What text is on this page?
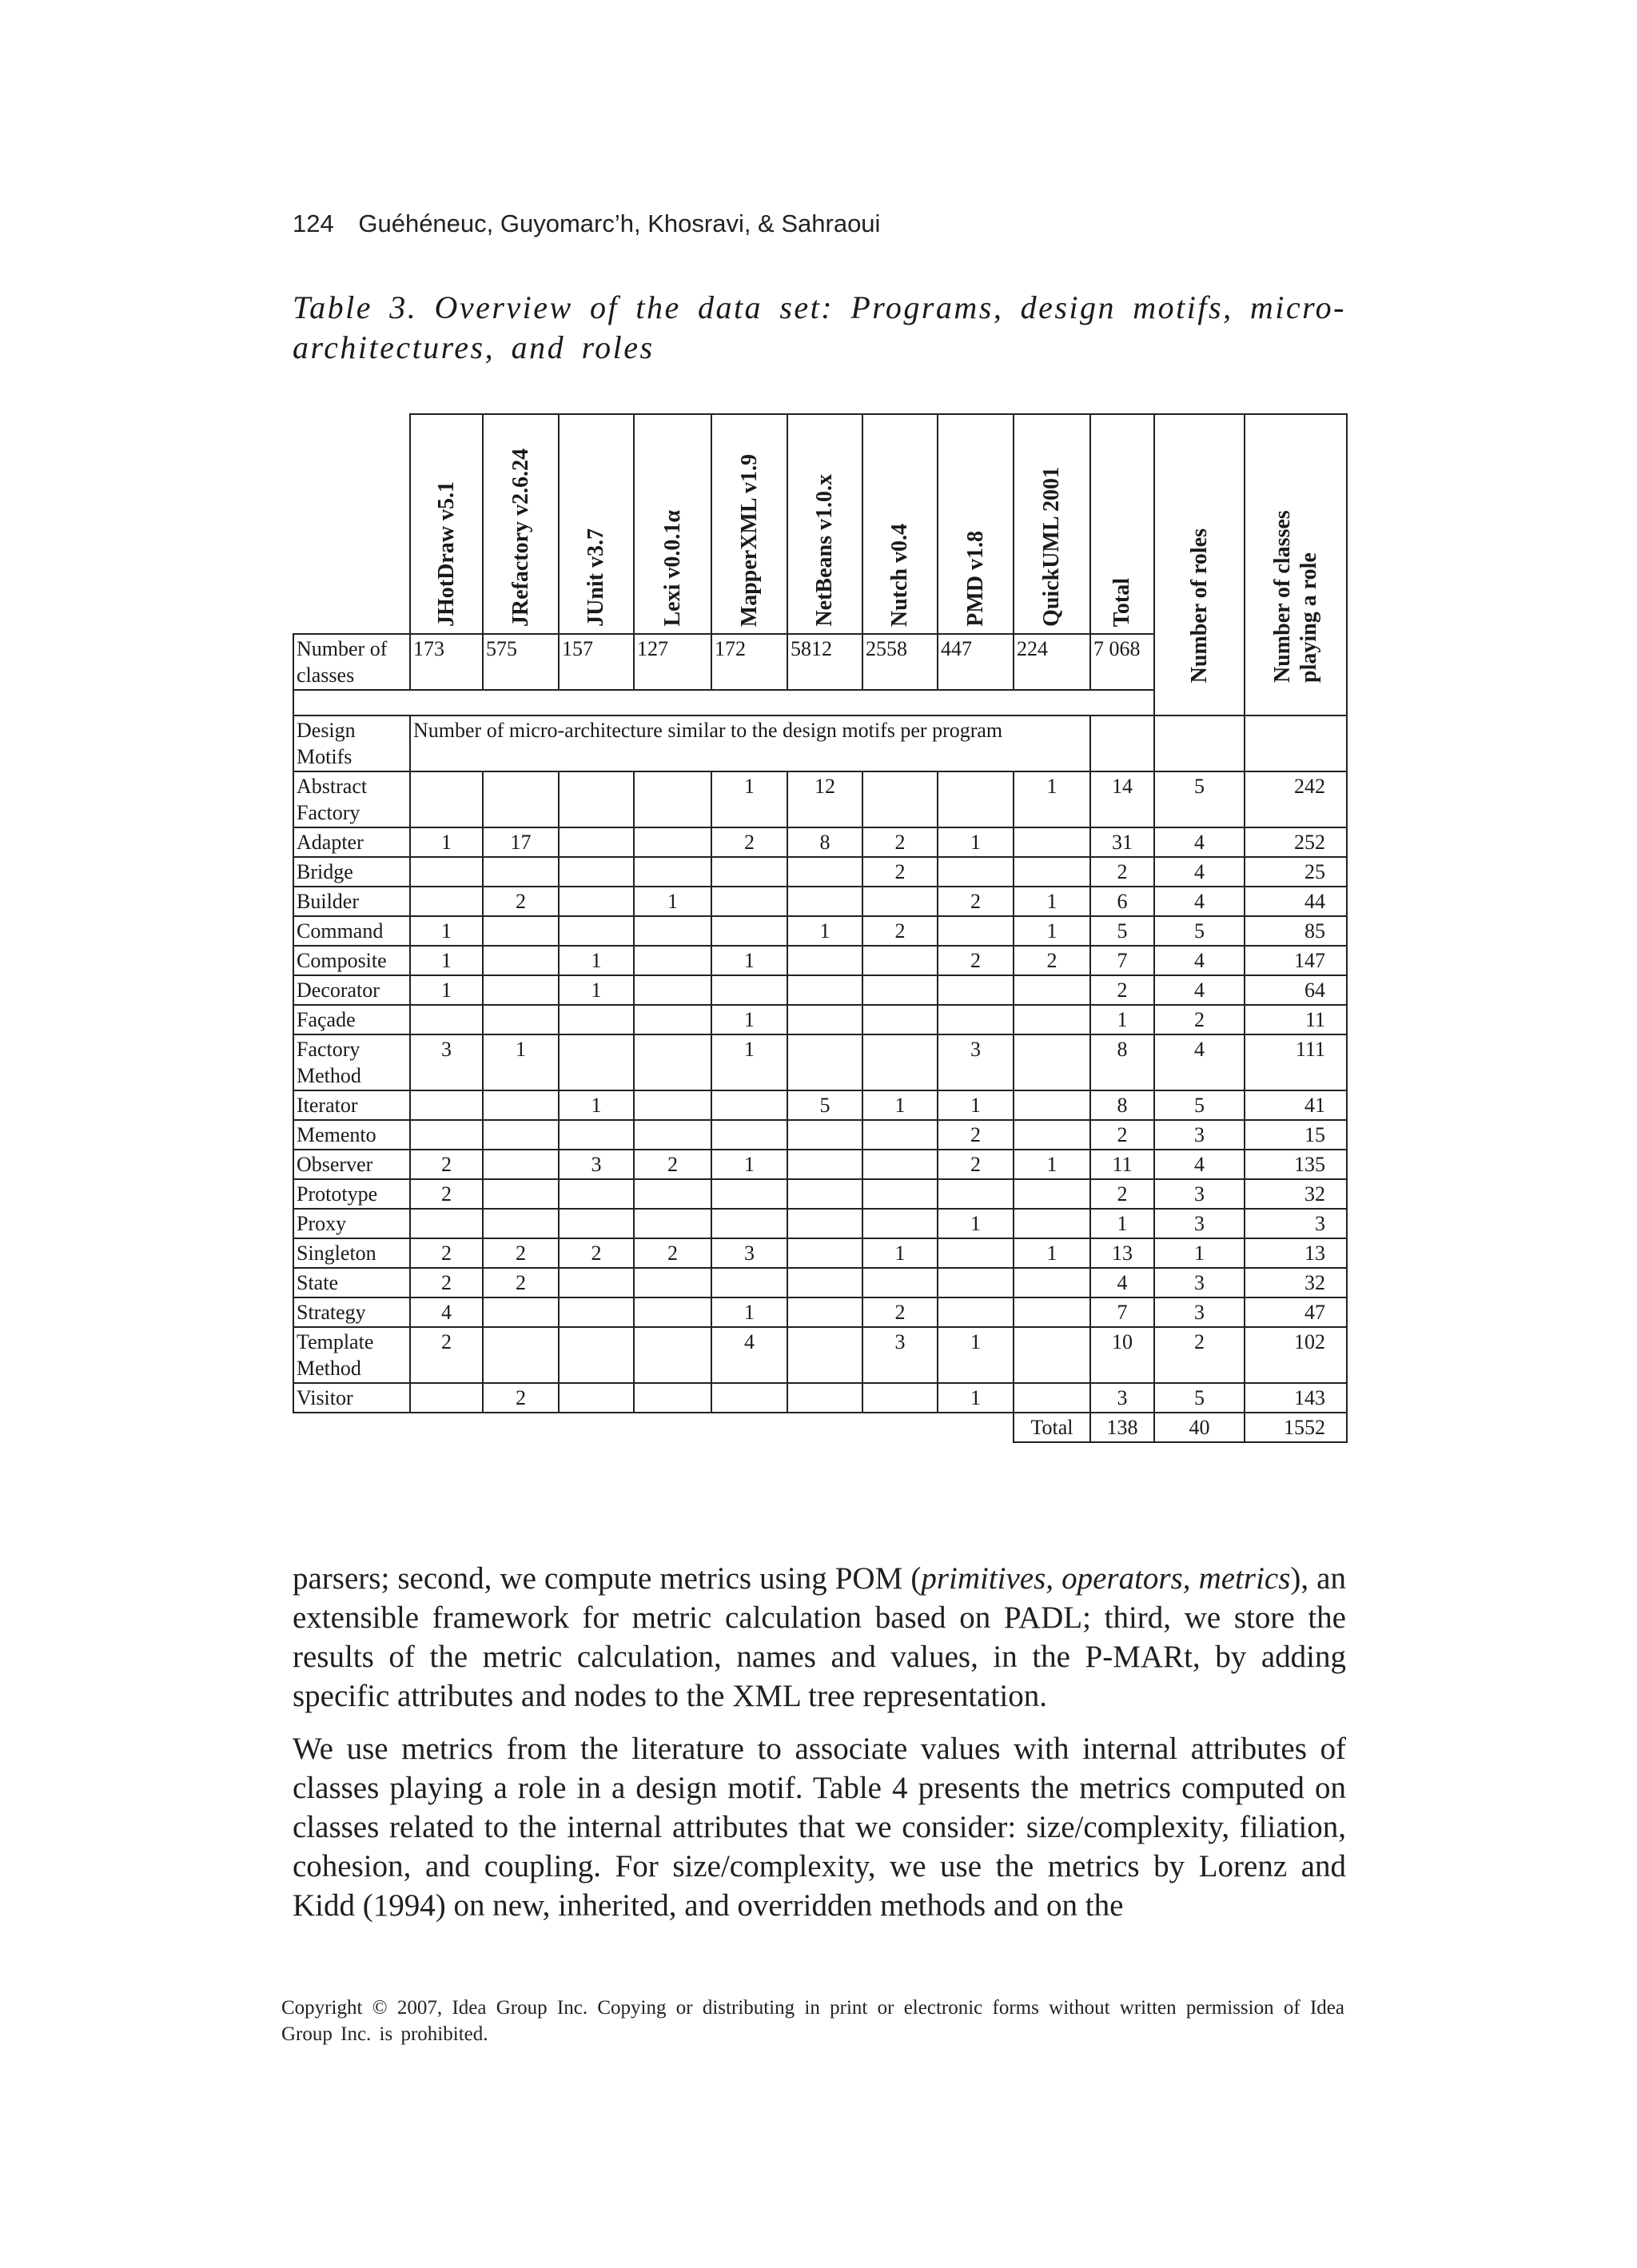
124 Guéhéneuc, Guyomarc’h, Khosravi, & Sahraoui
Table 3. Overview of the data set: Programs, design motifs, micro-architectures, and roles

	JHotDraw v5.1	JRefactory v2.6.24	JUnit v3.7	Lexi v0.0.1α	MapperXML v1.9	NetBeans v1.0.x	Nutch v0.4	PMD v1.8	QuickUML 2001	Total	Number of roles	Number of classes playing a role

Number of classes	173	575	157	127	172	5812	2558	447	224	7 068		

Design Motifs	Number of micro-architecture similar to the design motifs per program											
Abstract Factory					1	12			1	14	5	242
Adapter	1	17			2	8	2	1		31	4	252
Bridge							2			2	4	25
Builder		2		1				2	1	6	4	44
Command	1					1	2		1	5	5	85
Composite	1		1		1			2	2	7	4	147
Decorator	1		1							2	4	64
Façade					1					1	2	11
Factory Method	3	1			1			3		8	4	111
Iterator			1			5	1	1		8	5	41
Memento								2		2	3	15
Observer	2		3	2	1			2	1	11	4	135
Prototype	2									2	3	32
Proxy								1		1	3	3
Singleton	2	2	2	2	3		1		1	13	1	13
State	2	2								4	3	32
Strategy	4				1		2			7	3	47
Template Method	2				4		3	1		10	2	102
Visitor		2						1		3	5	143
									Total	138	40	1552
parsers; second, we compute metrics using POM (primitives, operators, metrics), an extensible framework for metric calculation based on PADL; third, we store the results of the metric calculation, names and values, in the P-MARt, by adding specific attributes and nodes to the XML tree representation.
We use metrics from the literature to associate values with internal attributes of classes playing a role in a design motif. Table 4 presents the metrics computed on classes related to the internal attributes that we consider: size/complexity, filiation, cohesion, and coupling. For size/complexity, we use the metrics by Lorenz and Kidd (1994) on new, inherited, and overridden methods and on the
Copyright © 2007, Idea Group Inc. Copying or distributing in print or electronic forms without written permission of Idea Group Inc. is prohibited.
